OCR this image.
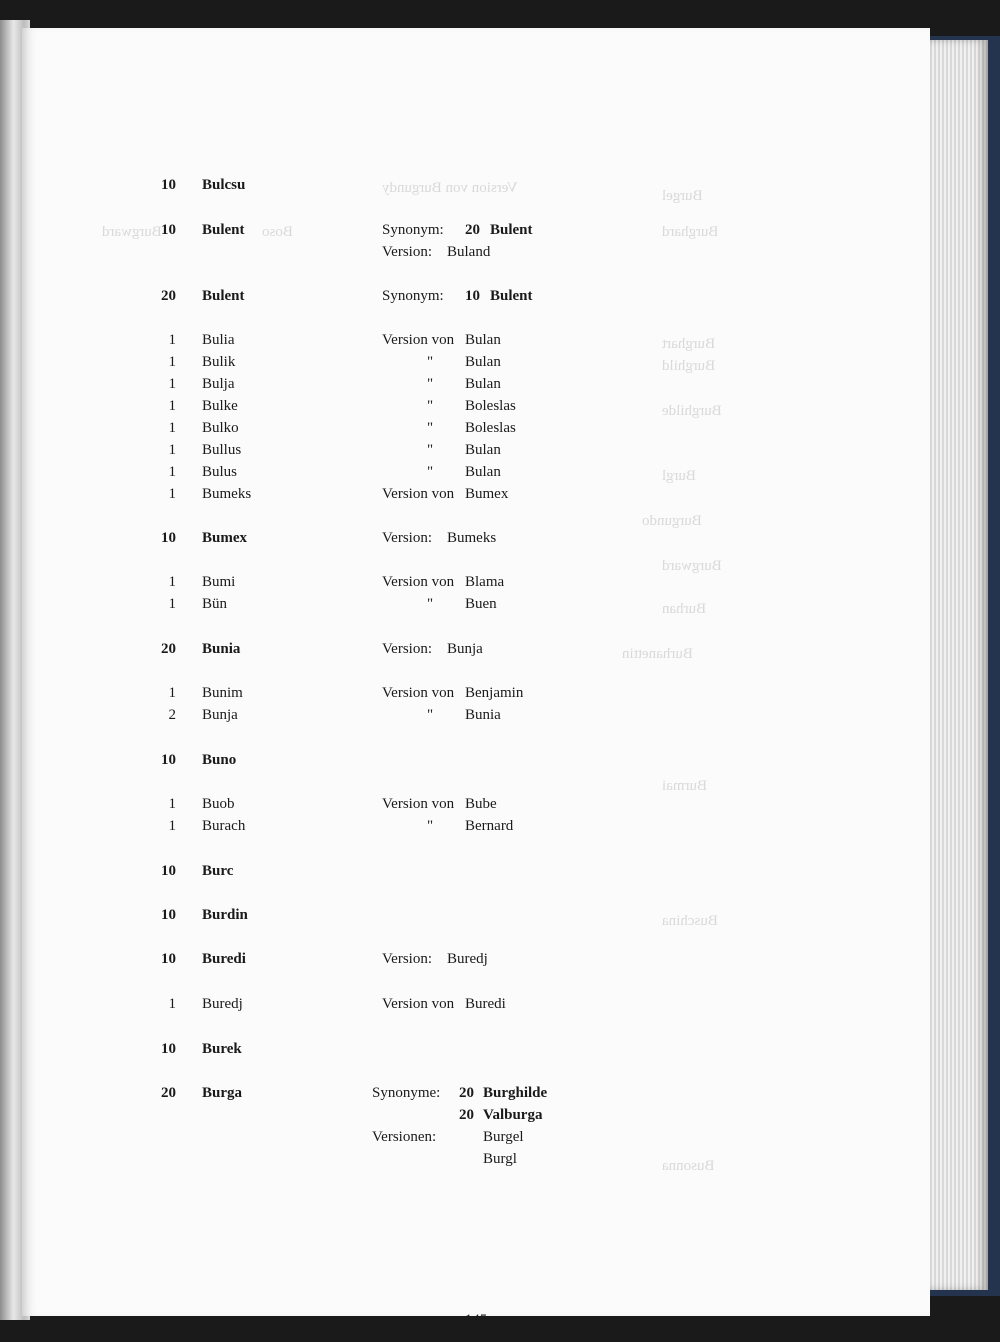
Version von Burgundy	Burgel
Burghard
Burgward	Boso
Burghart
Burghild
Burghilde
Burgl
Burgundo
Burgward
Burhan
Burhanettin
Burmai
Buschina
Busonna
10 Bulcsu
10 Bulent	Synonym: 20 Bulent
Version: Buland
20 Bulent	Synonym: 10 Bulent
1 Bulia	Version von Bulan
1 Bulik	" Bulan
1 Bulja	" Bulan
1 Bulke	" Boleslas
1 Bulko	" Boleslas
1 Bullus	" Bulan
1 Bulus	" Bulan
1 Bumeks	Version von Bumex
10 Bumex	Version: Bumeks
1 Bumi	Version von Blama
1 Bün	" Buen
20 Bunia	Version: Bunja
1 Bunim	Version von Benjamin
2 Bunja	" Bunia
10 Buno
1 Buob	Version von Bube
1 Burach	" Bernard
10 Burc
10 Burdin
10 Buredi	Version: Buredj
1 Buredj	Version von Buredi
10 Burek
20 Burga	Synonyme: 20 Burghilde
20 Valburga
Versionen:	Burgel
Burgl
- 145 -
